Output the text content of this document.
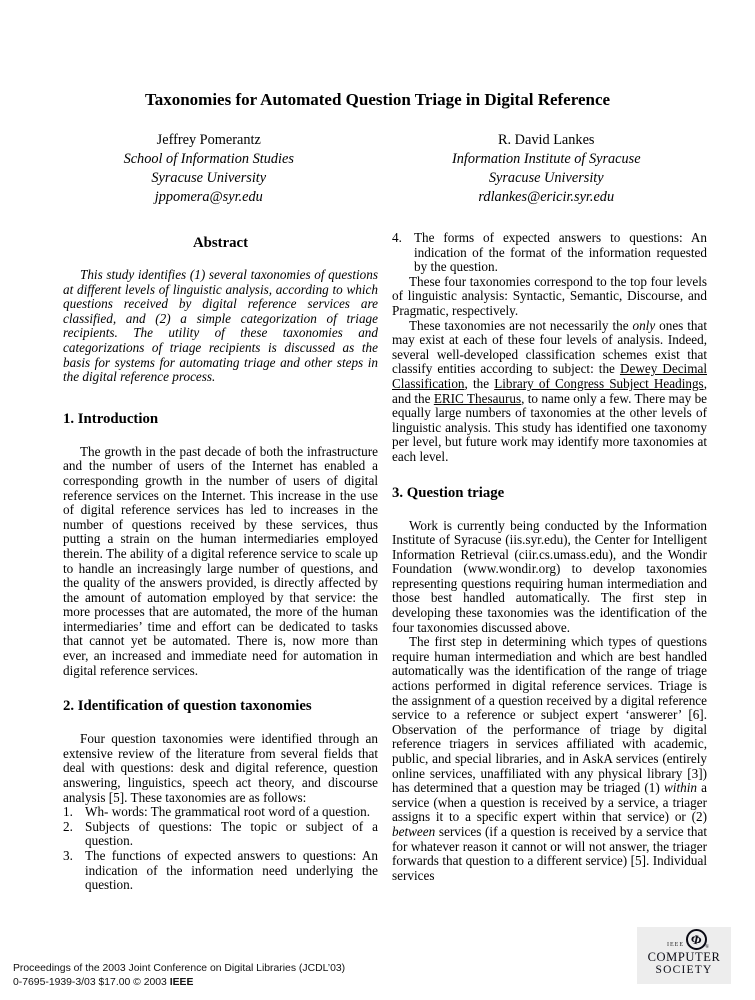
Taxonomies for Automated Question Triage in Digital Reference
Jeffrey Pomerantz
School of Information Studies
Syracuse University
jppomera@syr.edu
R. David Lankes
Information Institute of Syracuse
Syracuse University
rdlankes@ericir.syr.edu
Abstract

This study identifies (1) several taxonomies of questions at different levels of linguistic analysis, according to which questions received by digital reference services are classified, and (2) a simple categorization of triage recipients. The utility of these taxonomies and categorizations of triage recipients is discussed as the basis for systems for automating triage and other steps in the digital reference process.

1. Introduction

The growth in the past decade of both the infrastructure and the number of users of the Internet has enabled a corresponding growth in the number of users of digital reference services on the Internet. This increase in the use of digital reference services has led to increases in the number of questions received by these services, thus putting a strain on the human intermediaries employed therein. The ability of a digital reference service to scale up to handle an increasingly large number of questions, and the quality of the answers provided, is directly affected by the amount of automation employed by that service: the more processes that are automated, the more of the human intermediaries’ time and effort can be dedicated to tasks that cannot yet be automated. There is, now more than ever, an increased and immediate need for automation in digital reference services.

2. Identification of question taxonomies

Four question taxonomies were identified through an extensive review of the literature from several fields that deal with questions: desk and digital reference, question answering, linguistics, speech act theory, and discourse analysis [5]. These taxonomies are as follows:

1. Wh- words: The grammatical root word of a question.
2. Subjects of questions: The topic or subject of a question.
3. The functions of expected answers to questions: An indication of the information need underlying the question.
4. The forms of expected answers to questions: An indication of the format of the information requested by the question.

These four taxonomies correspond to the top four levels of linguistic analysis: Syntactic, Semantic, Discourse, and Pragmatic, respectively.

These taxonomies are not necessarily the only ones that may exist at each of these four levels of analysis. Indeed, several well-developed classification schemes exist that classify entities according to subject: the Dewey Decimal Classification, the Library of Congress Subject Headings, and the ERIC Thesaurus, to name only a few. There may be equally large numbers of taxonomies at the other levels of linguistic analysis. This study has identified one taxonomy per level, but future work may identify more taxonomies at each level.

3. Question triage

Work is currently being conducted by the Information Institute of Syracuse (iis.syr.edu), the Center for Intelligent Information Retrieval (ciir.cs.umass.edu), and the Wondir Foundation (www.wondir.org) to develop taxonomies representing questions requiring human intermediation and those best handled automatically. The first step in developing these taxonomies was the identification of the four taxonomies discussed above.

The first step in determining which types of questions require human intermediation and which are best handled automatically was the identification of the range of triage actions performed in digital reference services. Triage is the assignment of a question received by a digital reference service to a reference or subject expert ‘answerer’ [6]. Observation of the performance of triage by digital reference triagers in services affiliated with academic, public, and special libraries, and in AskA services (entirely online services, unaffiliated with any physical library [3]) has determined that a question may be triaged (1) within a service (when a question is received by a service, a triager assigns it to a specific expert within that service) or (2) between services (if a question is received by a service that for whatever reason it cannot or will not answer, the triager forwards that question to a different service) [5]. Individual services

Proceedings of the 2003 Joint Conference on Digital Libraries (JCDL’03)
0-7695-1939-3/03 $17.00 © 2003 IEEE
IEEE Φ ®
COMPUTER
SOCIETY
